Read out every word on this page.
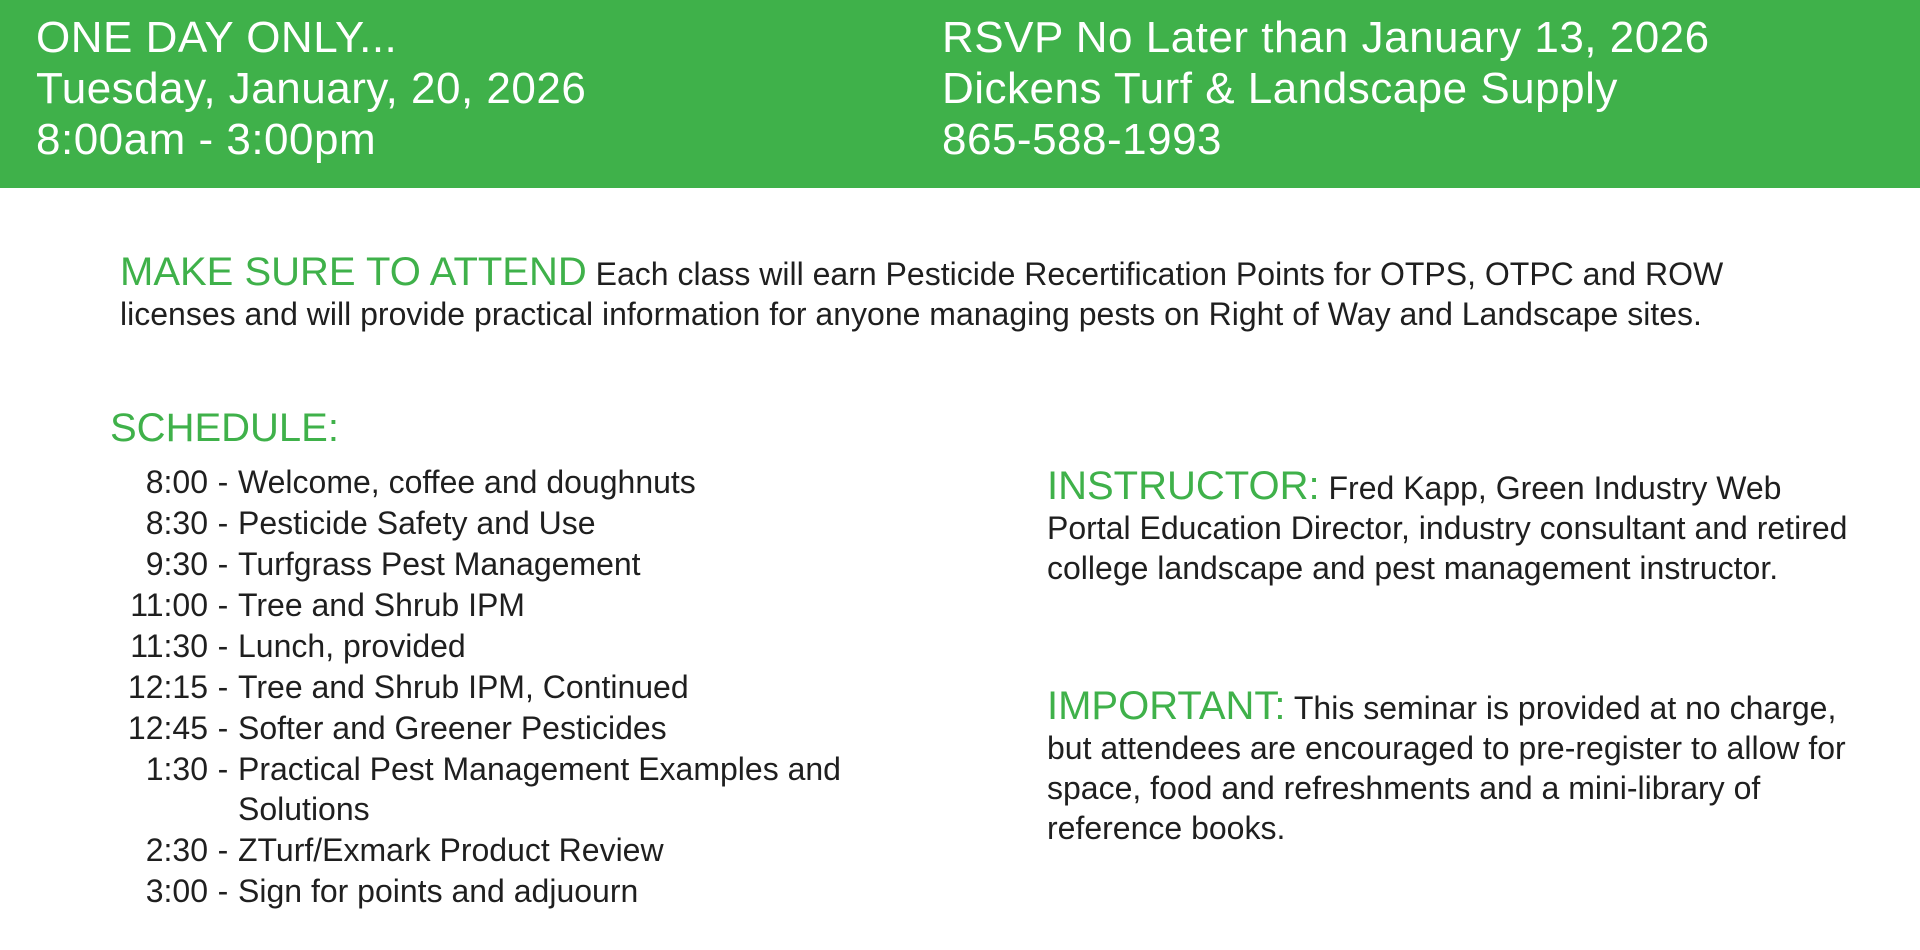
ONE DAY ONLY...
Tuesday, January, 20, 2026
8:00am - 3:00pm
RSVP No Later than January 13, 2026
Dickens Turf & Landscape Supply
865-588-1993
MAKE SURE TO ATTEND Each class will earn Pesticide Recertification Points for OTPS, OTPC and ROW licenses and will provide practical information for anyone managing pests on Right of Way and Landscape sites.
SCHEDULE:
8:00 - Welcome, coffee and doughnuts
8:30 - Pesticide Safety and Use
9:30 - Turfgrass Pest Management
11:00 - Tree and Shrub IPM
11:30 - Lunch, provided
12:15 - Tree and Shrub IPM, Continued
12:45 - Softer and Greener Pesticides
1:30 - Practical Pest Management Examples and Solutions
2:30 - ZTurf/Exmark Product Review
3:00 - Sign for points and adjuourn
INSTRUCTOR: Fred Kapp, Green Industry Web Portal Education Director, industry consultant and retired college landscape and pest management instructor.
IMPORTANT: This seminar is provided at no charge, but attendees are encouraged to pre-register to allow for space, food and refreshments and a mini-library of reference books.
